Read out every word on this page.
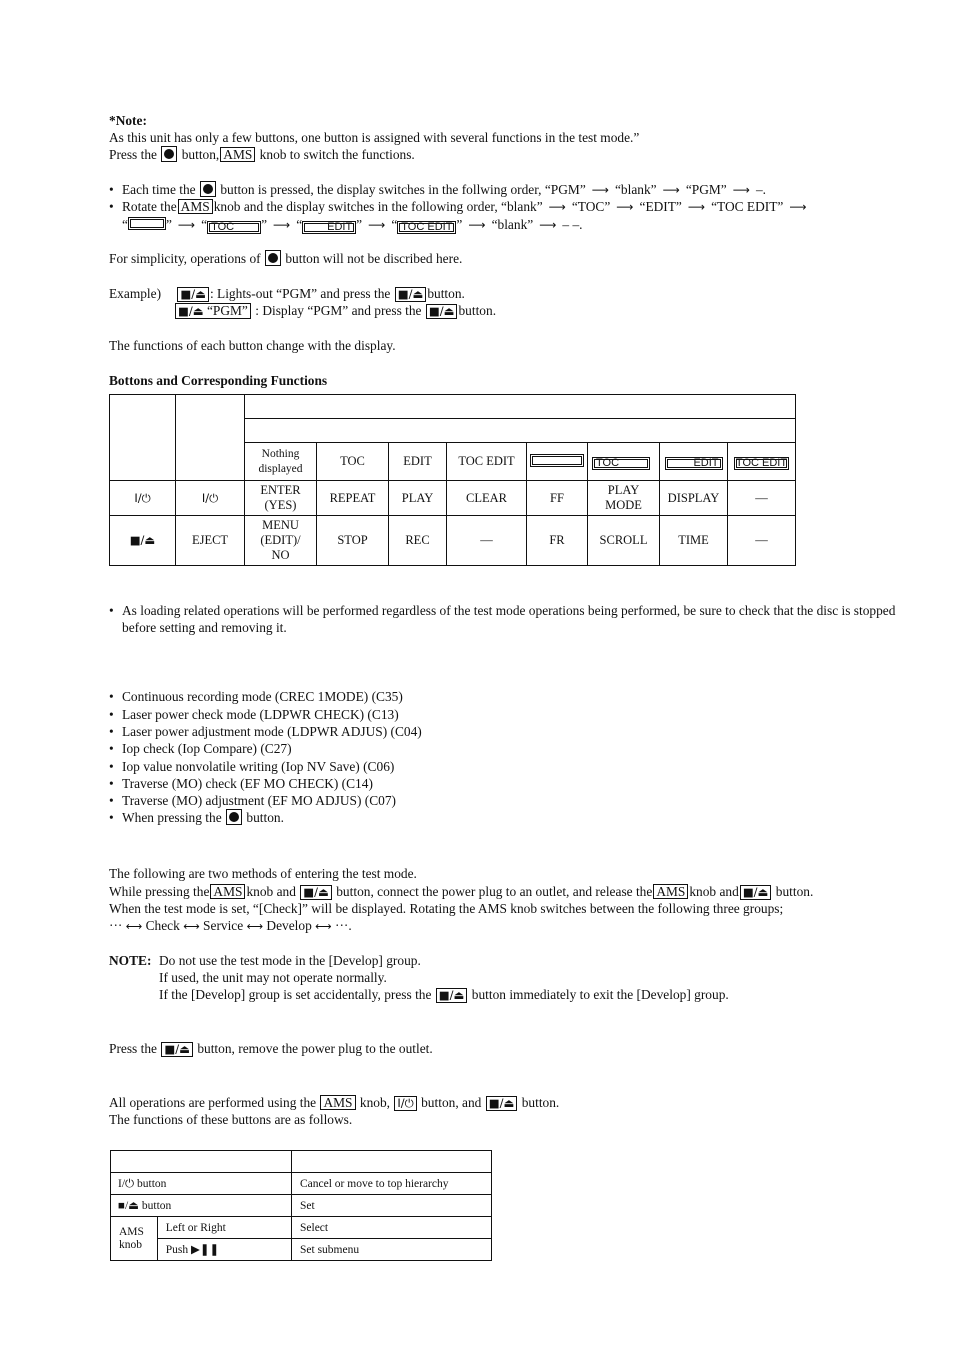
*Note:
As this unit has only a few buttons, one button is assigned with several functions in the test mode.”
Press the button, AMS knob to switch the functions.
• Each time the button is pressed, the display switches in the follwing order, “PGM” ⟶ “blank” ⟶ “PGM” ⟶ –.
• Rotate the AMS knob and the display switches in the following order, “blank” ⟶ “TOC” ⟶ “EDIT” ⟶ “TOC EDIT” ⟶
“	” ⟶ “ TOC ” ⟶ “ EDIT ” ⟶ “ TOC EDIT ” ⟶ “blank” ⟶ – –.
For simplicity, operations of button will not be discribed here.
Example) ■/⏏ : Lights-out “PGM” and press the ■/⏏ button.
■/⏏ “PGM” : Display “PGM” and press the ■/⏏ button.
The functions of each button change with the display.
Bottons and Corresponding Functions

		Nothing displayed	TOC	EDIT	TOC EDIT		TOC	EDIT	TOC EDIT
I/⏻	I/⏻	ENTER (YES)	REPEAT	PLAY	CLEAR	FF	PLAY MODE	DISPLAY	—
■/⏏	EJECT	MENU (EDIT)/ NO	STOP	REC	—	FR	SCROLL	TIME	—
• As loading related operations will be performed regardless of the test mode operations being performed, be sure to check that the disc is stopped before setting and removing it.
• Continuous recording mode (CREC 1MODE) (C35)
• Laser power check mode (LDPWR CHECK) (C13)
• Laser power adjustment mode (LDPWR ADJUS) (C04)
• Iop check (Iop Compare) (C27)
• Iop value nonvolatile writing (Iop NV Save) (C06)
• Traverse (MO) check (EF MO CHECK) (C14)
• Traverse (MO) adjustment (EF MO ADJUS) (C07)
• When pressing the button.
The following are two methods of entering the test mode.
While pressing the AMS knob and ■/⏏ button, connect the power plug to an outlet, and release the AMS knob and ■/⏏ button.
When the test mode is set, “[Check]” will be displayed. Rotating the AMS knob switches between the following three groups;
··· ⟷ Check ⟷ Service ⟷ Develop ⟷ ···.
NOTE: Do not use the test mode in the [Develop] group.
If used, the unit may not operate normally.
If the [Develop] group is set accidentally, press the ■/⏏ button immediately to exit the [Develop] group.
Press the ■/⏏ button, remove the power plug to the outlet.
All operations are performed using the AMS knob, I/⏻ button, and ■/⏏ button.
The functions of these buttons are as follows.

I/⏻ button		Cancel or move to top hierarchy
■/⏏ button		Set
AMS knob	Left or Right	Select
	Push ▶❚❚	Set submenu
